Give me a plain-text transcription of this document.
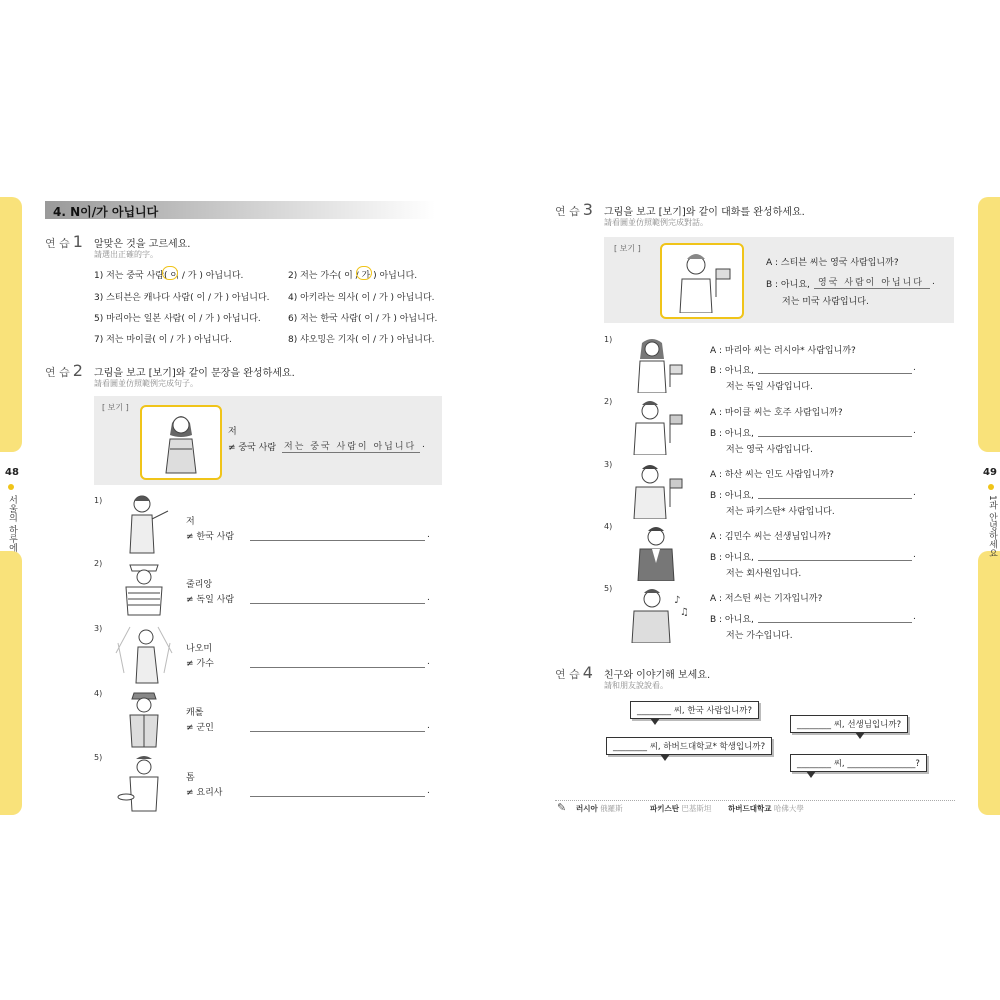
48
서울의 하루에
4. N이/가 아닙니다
연 습 1 알맞은 것을 고르세요.
請選出正確的字。
1) 저는 중국 사람( 이 / 가 ) 아닙니다.	2) 저는 가수( 이 / 가 ) 아닙니다.
3) 스티븐은 캐나다 사람( 이 / 가 ) 아닙니다. 4) 아키라는 의사( 이 / 가 ) 아닙니다.
5) 마리아는 일본 사람( 이 / 가 ) 아닙니다.	6) 저는 한국 사람( 이 / 가 ) 아닙니다.
7) 저는 마이클( 이 / 가 ) 아닙니다.	8) 샤오밍은 기자( 이 / 가 ) 아닙니다.
연 습 2 그림을 보고 [보기]와 같이 문장을 완성하세요.
請看圖並仿照範例完成句子。
[ 보기 ]
저
≠ 중국 사람 저는 중국 사람이 아닙니다 .
1)
저
≠ 한국 사람	.
2)
줄리앙
≠ 독일 사람	.
3)
나오미
≠ 가수	.
4)
캐롤
≠ 군인	.
5)
톰
≠ 요리사	.
49
1과 안녕하세요
연 습 3 그림을 보고 [보기]와 같이 대화를 완성하세요.
請看圖並仿照範例完成對話。
[ 보기 ]
A : 스티븐 씨는 영국 사람입니까?
B : 아니요, 영국 사람이 아닙니다 .
저는 미국 사람입니다.
1)
A : 마리아 씨는 러시아* 사람입니까?
B : 아니요,	.
저는 독일 사람입니다.
2)
A : 마이클 씨는 호주 사람입니까?
B : 아니요,	.
저는 영국 사람입니다.
3)
A : 하산 씨는 인도 사람입니까?
B : 아니요,	.
저는 파키스탄* 사람입니다.
4)
A : 김민수 씨는 선생님입니까?
B : 아니요,	.
저는 회사원입니다.
5)
♪
♫
A : 저스틴 씨는 기자입니까?
B : 아니요,	.
저는 가수입니다.
연 습 4 친구와 이야기해 보세요.
請和朋友說說看。
________ 씨, 한국 사람입니까?
________ 씨, 선생님입니까?
________ 씨, 하버드대학교* 학생입니까?
________ 씨, ________________?
러시아 俄羅斯	파키스탄 巴基斯坦 하버드대학교 哈佛大學
✎
